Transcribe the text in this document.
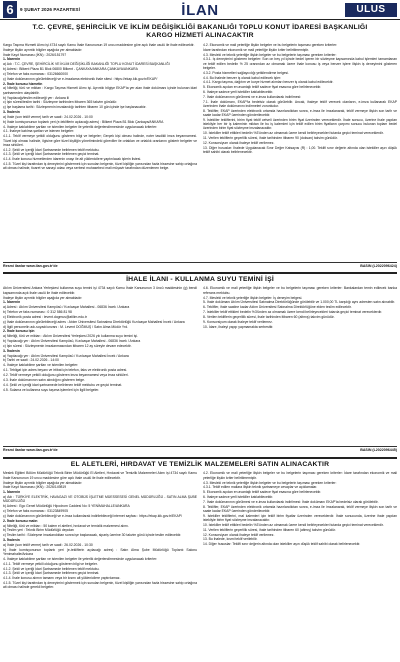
6	9 ŞUBAT 2026 PAZARTESİ	İLAN	ULUS
T.C. ÇEVRE, ŞEHİRCİLİK VE İKLİM DEĞİŞİKLİĞİ BAKANLIĞI TOPLU KONUT İDARESİ BAŞKANLIĞI
KARGO HİZMETİ ALINACAKTIR

Kargo Taşıma Hizmeti Alımı işi 4734 sayılı Kamu İhale Kanununun 19 uncu maddesine göre açık ihale usulü ile ihale edilecektir.

İhaleye ilişkin ayrıntılı bilgiler aşağıda yer almaktadır:

İhale Kayıt Numarası (İKN) : 2026/151797

1- İdarenin

a) Adı : T.C. ÇEVRE, ŞEHİRCİLİK VE İKLİM DEĞİŞİKLİĞİ BAKANLIĞI TOPLU KONUT İDARESİ BAŞKANLIĞI

b) Adresi : Bilkent Plaza B1 Blok 06800 Bilkent - ÇANKAYA/ANKARA ÇANKAYA/ANKARA

c) Telefon ve faks numarası : 03126660000

ç) İhale dokümanının görülebileceği ve e-imzalama elektronik ihale sitesi : https://ekap.kik.gov.tr/EKAP/

2- İhale konusu hizmetin

a) Niteliği, türü ve miktarı : Kargo Taşıma Hizmeti Alımı işi. Ayrıntılı bilgiye EKAP'ta yer alan ihale dokümanı içinde bulunan idari şartnameden ulaşılabilir.

b) Yapılacağı/teslim edileceği yer : Ankara ili

c) İşin süresi/teslim tarihi : Sözleşme tarihinden itibaren 365 takvim günüdür.

ç) İşe başlama tarihi : Sözleşmenin imzalandığı tarihten itibaren 10 gün içinde işe başlanacaktır.

3- İhalenin

a) İhale (son teklif verme) tarih ve saati : 24.02.2026 - 10:00

b) İhale komisyonunun toplantı yeri (e-tekliflerin açılacağı adres) : Bilkent Plaza B1 Blok Çankaya/ANKARA

4- İhaleye katılabilme şartları ve istenilen belgeler ile yeterlik değerlendirmesinde uygulanacak kriterler:

4.1. İhaleye katılma şartları ve istenen belgeler:

4.1.1. Teklif vermeye yetkili olduğunu gösteren bilgi ve belgeler; Gerçek kişi olması halinde, noter tasdikli imza beyannamesi. Tüzel kişi olması halinde, ilgisine göre tüzel kişiliğin yönetimindeki görevliler ile ortakları ve ortaklık oranlarını gösterir belgeler ve imza sirküleri.

4.1.2. Şekli ve içeriği İdari Şartnamede belirlenen teklif mektubu.

4.1.3. Şekli ve içeriği İdari Şartnamede belirlenen geçici teminat.

4.1.4. İhale konusu hizmetlerden idarenin onayı ile alt yüklenicilere yaptırılacak işlerin listesi.

4.1.5. Tüzel kişi tarafından iş deneyimini göstermek için sunulan belgenin, tüzel kişiliğin yarısından fazla hissesine sahip ortağına ait olması halinde, ticaret ve sanayi odası veya serbest muhasebeci mali müşavir tarafından düzenlenen belge.

4.2. Ekonomik ve mali yeterliğe ilişkin belgeler ve bu belgelerin taşıması gereken kriterler:

İdare tarafından ekonomik ve mali yeterliğe ilişkin kriter belirtilmemiştir.

4.3. Mesleki ve teknik yeterliğe ilişkin belgeler ve bu belgelerin taşıması gereken kriterler:

4.3.1. İş deneyimini gösteren belgeler: Son on beş yıl içinde bedel içeren bir sözleşme kapsamında kabul işlemleri tamamlanan ve teklif edilen bedelin % 25 oranından az olmamak üzere ihale konusu iş veya benzer işlere ilişkin iş deneyimini gösteren belgeler.

4.3.2. Posta hizmetleri sağlayıcılığı yetkilendirme belgesi.

4.4. Bu ihalede benzer iş olarak kabul edilecek işler:

4.4.1. Kargo taşıma, dağıtım ve kurye hizmet alımları benzer iş olarak kabul edilecektir.

5. Ekonomik açıdan en avantajlı teklif sadece fiyat esasına göre belirlenecektir.

6. İhaleye sadece yerli istekliler katılabilecektir.

7. İhale dokümanının görülmesi ve e-imza kullanılarak indirilmesi:

7.1. İhale dokümanı, EKAP'ta bedelsiz olarak görülebilir. Ancak, ihaleye teklif verecek olanların, e-imza kullanarak EKAP üzerinden ihale dokümanını indirmeleri zorunludur.

8. Teklifler, EKAP üzerinden elektronik ortamda hazırlandıktan sonra, e-imza ile imzalanarak, teklif vermeye ilişkin son tarih ve saate kadar EKAP üzerinden gönderilecektir.

9. İstekliler tekliflerini, birim fiyat teklif cetveli üzerinden birim fiyat üzerinden vereceklerdir. İhale sonucu, üzerine ihale yapılan istekliyle her bir iş kaleminin miktarı ile bu iş kalemleri için teklif edilen birim fiyatların çarpımı sonucu bulunan toplam bedel üzerinden birim fiyat sözleşme imzalanacaktır.

10. İstekliler teklif ettikleri bedelin %3'ünden az olmamak üzere kendi belirleyecekleri tutarda geçici teminat vereceklerdir.

11. Verilen tekliflerin geçerlilik süresi, ihale tarihinden itibaren 90 (doksan) takvim günüdür.

12. Konsorsiyum olarak ihaleye teklif verilemez.

13. Diğer hususlar: İhalede Uygulanacak Sınır Değer Katsayısı (R) : 1,00. Teklifi sınır değerin altında olan istekliler aşırı düşük teklif sahibi olarak belirlenecektir.

Resmi ilanlar www.ilan.gov.tr'de	BASIN (L2022096424)
İHALE İLANI - KULLANMA SUYU TEMİNİ İŞİ

Atılım Üniversitesi Ankara Yerleşkesi kullanma suyu temini işi 4734 sayılı Kamu İhale Kanununun 3 üncü maddesinin (g) bendi kapsamında açık ihale usulü ile ihale edilecektir.

İhaleye ilişkin ayrıntılı bilgiler aşağıda yer almaktadır:

1- İdarenin

a) Adresi : Atılım Üniversitesi Kampüsü / Kızılcaşar Mahallesi - 06836 İncek / Ankara

b) Telefon ve faks numarası : 0 312 586 81 98

c) Elektronik posta adresi : levent.dogmus@atilim.edu.tr

ç) İhale dokümanının görülebileceği adres : Atılım Üniversitesi Satınalma Direktörlüğü Kızılcaşar Mahallesi İncek / Ankara

d) İlgili personelin adı-soyadı/unvanı : M. Levent DOĞMUŞ / Satın Alma Müdür Yrd.

2- İhale konusu işin

a) Niteliği, türü ve miktarı : Atılım Üniversitesi Yerleşkesi 2026 yılı kullanma suyu temini işi.

b) Yapılacağı yer : Atılım Üniversitesi Kampüsü, Kızılcaşar Mahallesi - 06836 İncek / Ankara

c) İşin süresi : Sözleşmenin imzalanmasından itibaren 12 ay süreyle devam edecektir.

3- İhalenin

a) Yapılacağı yer : Atılım Üniversitesi Kampüsü / Kızılcaşar Mahallesi İncek / Ankara

b) Tarihi ve saati : 24.02.2026 - 14:00

4- İhaleye katılabilme şartları ve istenilen belgeler:

4.1. Tebligat için adres beyanı ve irtibat için telefon, faks ve elektronik posta adresi.

4.2. Teklif vermeye yetkili olduğunu gösteren imza beyannamesi veya imza sirküleri.

4.3. İhale dokümanının satın alındığını gösteren belge.

4.4. Şekli ve içeriği idari şartnamede belirlenen teklif mektubu ve geçici teminat.

4.5. Sulama ve kullanma suyu taşıma işlemleri için ilgili belgeler.

4.6. Ekonomik ve mali yeterliğe ilişkin belgeler ve bu belgelerin taşıması gereken kriterler: Bankalardan temin edilecek banka referans mektubu.

4.7. Mesleki ve teknik yeterliğe ilişkin belgeler: İş deneyim belgesi.

5- İhale dokümanı Atılım Üniversitesi Satınalma Direktörlüğünde görülebilir ve 1.000,00 TL karşılığı aynı adresten satın alınabilir.

6- Teklifler, ihale saatine kadar Atılım Üniversitesi Satınalma Direktörlüğüne elden teslim edilecektir.

7- İstekliler teklif ettikleri bedelin %3'ünden az olmamak üzere kendi belirleyecekleri tutarda geçici teminat vereceklerdir.

8- Verilen tekliflerin geçerlilik süresi, ihale tarihinden itibaren 60 (altmış) takvim günüdür.

9- Konsorsiyum olarak ihaleye teklif verilemez.

10- İdare, ihaleyi yapıp yapmamakta serbesttir.

Resmi ilanlar www.ilan.gov.tr'de	BASIN (L2022096445)
EL ALETLERİ, HIRDAVAT VE TEMİZLİK MALZEMELERİ SATIN ALINACAKTIR

Meslek Eğitimi Bölüm Müdürlüğü Teknik Birim Müdürlüğü El Aletleri, Hırdavat ve Temizlik Malzemeleri Alımı işi 4734 sayılı Kamu İhale Kanununun 19 uncu maddesine göre açık ihale usulü ile ihale edilecektir.

İhaleye ilişkin ayrıntılı bilgiler aşağıda yer almaktadır:

İhale Kayıt Numarası (İKN) : 2026/149819

1- İdarenin

a) Adı : TÜRKİYE ELEKTRİK, HAVAGAZI VE OTOBÜS İŞLETME MÜESSESESİ GENEL MÜDÜRLÜĞÜ - SATIN ALMA ŞUBE MÜDÜRLÜĞÜ

b) Adresi : Ego Genel Müdürlüğü Hipodrom Caddesi No: 5 YENİMAHALLE/ANKARA

c) Telefon ve faks numarası : 03123849905

ç) İhale dokümanının görülebileceği ve e-imza kullanılarak indirilebileceği internet sayfası : https://ekap.kik.gov.tr/EKAP/

2- İhale konusu malın

a) Niteliği, türü ve miktarı : 50 kalem el aletleri, hırdavat ve temizlik malzemesi alımı.

b) Teslim yeri : Teknik Birim Müdürlüğü depoları

c) Teslim tarihi : Sözleşme imzalandıktan sonra işe başlanacak, sipariş üzerine 30 takvim günü içinde teslim edilecektir.

3- İhalenin

a) İhale (son teklif verme) tarih ve saati : 26.02.2026 - 10:30

b) İhale komisyonunun toplantı yeri (e-tekliflerin açılacağı adres) : Satın Alma Şube Müdürlüğü Toplantı Salonu Yenimahalle/Ankara

4- İhaleye katılabilme şartları ve istenilen belgeler ile yeterlik değerlendirmesinde uygulanacak kriterler:

4.1.1. Teklif vermeye yetkili olduğunu gösteren bilgi ve belgeler.

4.1.2. Şekli ve içeriği İdari Şartnamede belirlenen teklif mektubu.

4.1.3. Şekli ve içeriği İdari Şartnamede belirlenen geçici teminat.

4.1.4. İhale konusu alımın tamamı veya bir kısmı alt yüklenicilere yaptırılamaz.

4.1.5. Tüzel kişi tarafından iş deneyimini göstermek için sunulan belgenin, tüzel kişiliğin yarısından fazla hissesine sahip ortağına ait olması halinde gerekli belgeler.

4.2. Ekonomik ve mali yeterliğe ilişkin belgeler ve bu belgelerin taşıması gereken kriterler: İdare tarafından ekonomik ve mali yeterliğe ilişkin kriter belirtilmemiştir.

4.3. Mesleki ve teknik yeterliğe ilişkin belgeler ve bu belgelerin taşıması gereken kriterler:

4.3.1. Teklif edilen mallara ilişkin teknik şartnameye cevaplar ve açıklamalar.

5. Ekonomik açıdan en avantajlı teklif sadece fiyat esasına göre belirlenecektir.

6. İhaleye sadece yerli istekliler katılabilecektir.

7. İhale dokümanının görülmesi ve e-imza kullanılarak indirilmesi: İhale dokümanı EKAP'ta bedelsiz olarak görülebilir.

8. Teklifler, EKAP üzerinden elektronik ortamda hazırlandıktan sonra, e-imza ile imzalanarak, teklif vermeye ilişkin son tarih ve saate kadar EKAP üzerinden gönderilecektir.

9. İstekliler tekliflerini, mal kalemleri için teklif birim fiyatlar üzerinden vereceklerdir. İhale sonucunda, üzerine ihale yapılan istekliyle birim fiyat sözleşme imzalanacaktır.

10. İstekliler teklif ettikleri bedelin %3'ünden az olmamak üzere kendi belirleyecekleri tutarda geçici teminat vereceklerdir.

11. Verilen tekliflerin geçerlilik süresi, ihale tarihinden itibaren 60 (altmış) takvim günüdür.

12. Konsorsiyum olarak ihaleye teklif verilemez.

13. Bu ihalede, kısmi teklif verilebilir.

14. Diğer hususlar: Teklifi sınır değerin altında olan istekliler aşırı düşük teklif sahibi olarak belirlenecektir.
